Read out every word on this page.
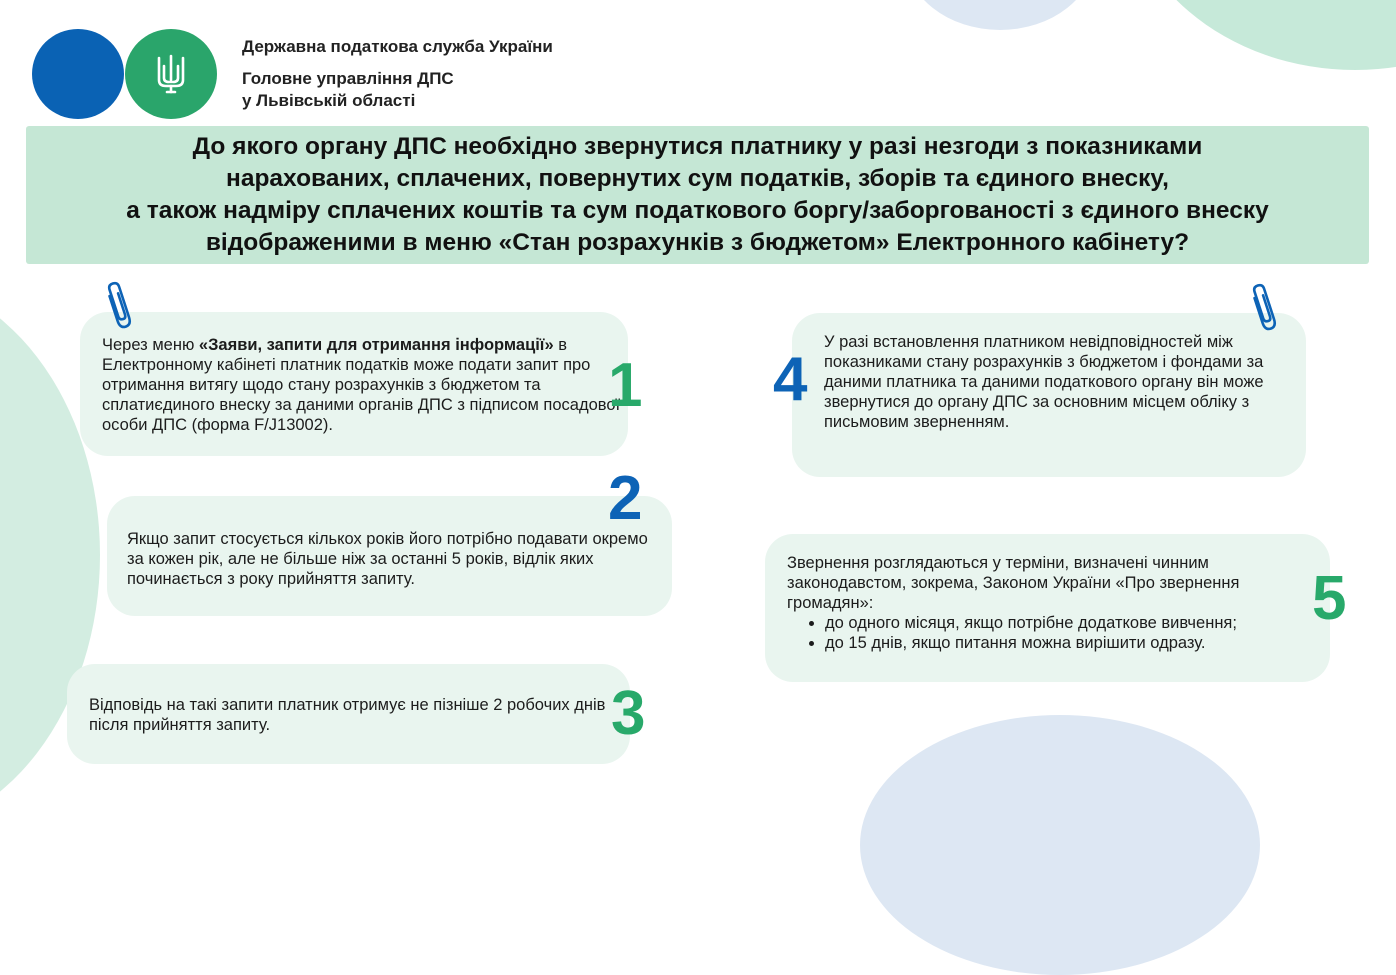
Державна податкова служба України
Головне управління ДПС
у Львівській області
До якого органу ДПС необхідно звернутися платнику у разі незгоди з показниками
нарахованих, сплачених, повернутих сум податків, зборів та єдиного внеску,
а також надміру сплачених коштів та сум податкового боргу/заборгованості з єдиного внеску
відображеними в меню «Стан розрахунків з бюджетом» Електронного кабінету?
Через меню «Заяви, запити для отримання інформації» в Електронному кабінеті платник податків може подати запит про отримання витягу щодо стану розрахунків з бюджетом та сплатиєдиного внеску за даними органів ДПС з підписом посадової особи ДПС (форма F/J13002).
1
Якщо запит стосується кількох років його потрібно подавати окремо за кожен рік, але не більше ніж за останні 5 років, відлік яких починається з року прийняття запиту.
2
Відповідь на такі запити платник отримує не пізніше 2 робочих днів після прийняття запиту.	3
У разі встановлення платником невідповідностей між показниками стану розрахунків з бюджетом і фондами за даними платника та даними податкового органу він може звернутися до органу ДПС за основним місцем обліку з письмовим зверненням.
4
Звернення розглядаються у терміни, визначені чинним законодавстом, зокрема, Законом України «Про звернення громадян»:
• до одного місяця, якщо потрібне додаткове вивчення;
• до 15 днів, якщо питання можна вирішити одразу.
5
